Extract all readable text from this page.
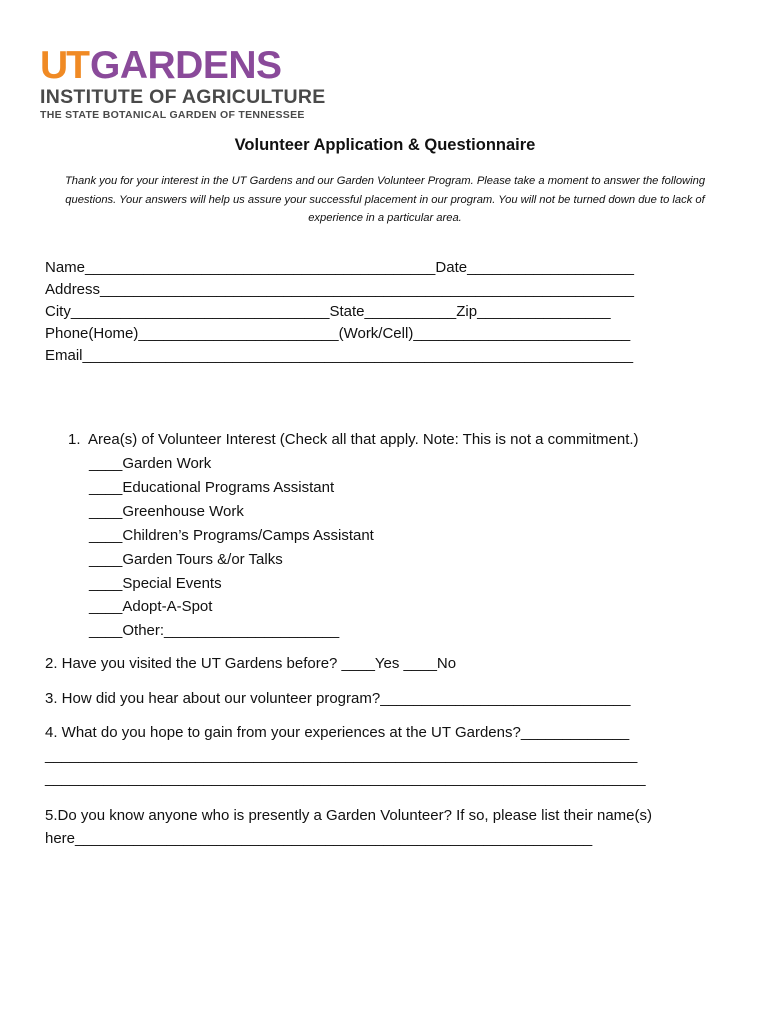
UT GARDENS
INSTITUTE OF AGRICULTURE
THE STATE BOTANICAL GARDEN OF TENNESSEE
Volunteer Application & Questionnaire
Thank you for your interest in the UT Gardens and our Garden Volunteer Program. Please take a moment to answer the following questions. Your answers will help us assure your successful placement in our program. You will not be turned down due to lack of experience in a particular area.
Name__________________________________________Date____________________
Address________________________________________________________________
City_______________________________State___________Zip________________
Phone(Home)________________________(Work/Cell)__________________________
Email__________________________________________________________________
1.  Area(s) of Volunteer Interest (Check all that apply. Note: This is not a commitment.)
____Garden Work
____Educational Programs Assistant
____Greenhouse Work
____Children’s Programs/Camps Assistant
____Garden Tours &/or Talks
____Special Events
____Adopt-A-Spot
____Other:_____________________
2. Have you visited the UT Gardens before? ____Yes ____No
3. How did you hear about our volunteer program?______________________________
4. What do you hope to gain from your experiences at the UT Gardens?_____________
_______________________________________________________________________
________________________________________________________________________
5.Do you know anyone who is presently a Garden Volunteer? If so, please list their name(s)
here______________________________________________________________
